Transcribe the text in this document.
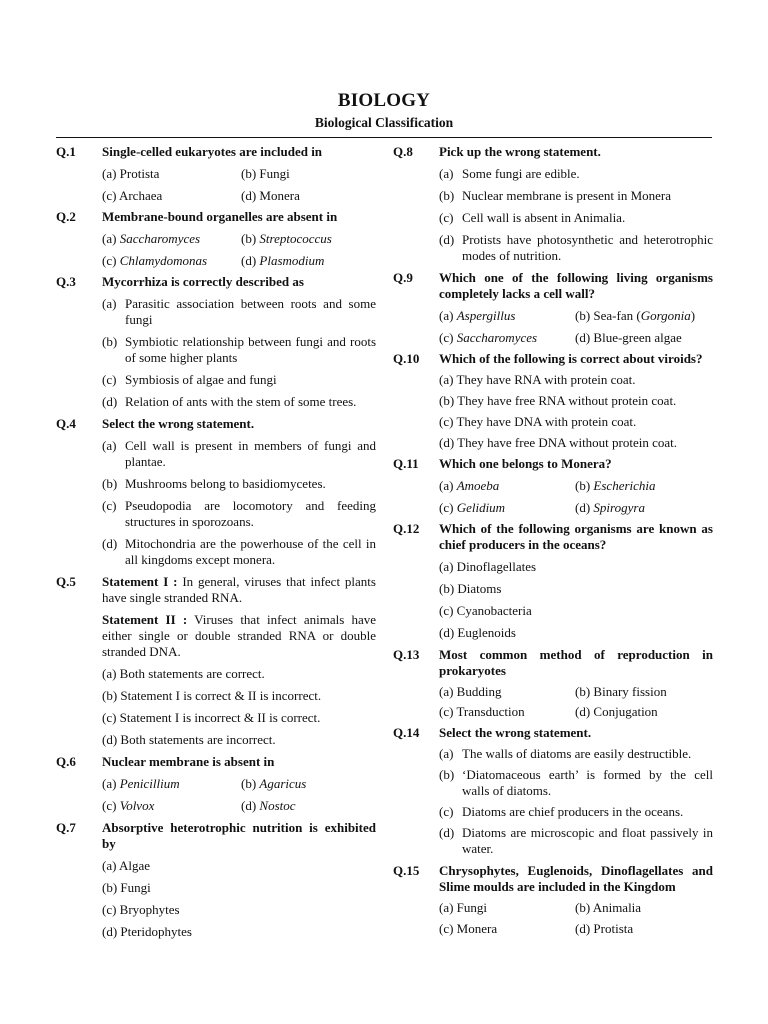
BIOLOGY
Biological Classification
Q.1 Single-celled eukaryotes are included in
(a) Protista	(b) Fungi
(c) Archaea	(d) Monera
Q.2 Membrane-bound organelles are absent in
(a) Saccharomyces	(b) Streptococcus
(c) Chlamydomonas	(d) Plasmodium
Q.3 Mycorrhiza is correctly described as
(a) Parasitic association between roots and some fungi
(b) Symbiotic relationship between fungi and roots of some higher plants
(c) Symbiosis of algae and fungi
(d) Relation of ants with the stem of some trees.
Q.4 Select the wrong statement.
(a) Cell wall is present in members of fungi and plantae.
(b) Mushrooms belong to basidiomycetes.
(c) Pseudopodia are locomotory and feeding structures in sporozoans.
(d) Mitochondria are the powerhouse of the cell in all kingdoms except monera.
Q.5 Statement I : In general, viruses that infect plants have single stranded RNA.
Statement II : Viruses that infect animals have either single or double stranded RNA or double stranded DNA.
(a) Both statements are correct.
(b) Statement I is correct & II is incorrect.
(c) Statement I is incorrect & II is correct.
(d) Both statements are incorrect.
Q.6 Nuclear membrane is absent in
(a) Penicillium	(b) Agaricus
(c) Volvox	(d) Nostoc
Q.7 Absorptive heterotrophic nutrition is exhibited by
(a) Algae
(b) Fungi
(c) Bryophytes
(d) Pteridophytes
Q.8 Pick up the wrong statement.
(a) Some fungi are edible.
(b) Nuclear membrane is present in Monera
(c) Cell wall is absent in Animalia.
(d) Protists have photosynthetic and heterotrophic modes of nutrition.
Q.9 Which one of the following living organisms completely lacks a cell wall?
(a) Aspergillus	(b) Sea-fan (Gorgonia)
(c) Saccharomyces	(d) Blue-green algae
Q.10 Which of the following is correct about viroids?
(a) They have RNA with protein coat.
(b) They have free RNA without protein coat.
(c) They have DNA with protein coat.
(d) They have free DNA without protein coat.
Q.11 Which one belongs to Monera?
(a) Amoeba	(b) Escherichia
(c) Gelidium	(d) Spirogyra
Q.12 Which of the following organisms are known as chief producers in the oceans?
(a) Dinoflagellates
(b) Diatoms
(c) Cyanobacteria
(d) Euglenoids
Q.13 Most common method of reproduction in prokaryotes
(a) Budding	(b) Binary fission
(c) Transduction	(d) Conjugation
Q.14 Select the wrong statement.
(a) The walls of diatoms are easily destructible.
(b) ‘Diatomaceous earth’ is formed by the cell walls of diatoms.
(c) Diatoms are chief producers in the oceans.
(d) Diatoms are microscopic and float passively in water.
Q.15 Chrysophytes, Euglenoids, Dinoflagellates and Slime moulds are included in the Kingdom
(a) Fungi	(b) Animalia
(c) Monera	(d) Protista
